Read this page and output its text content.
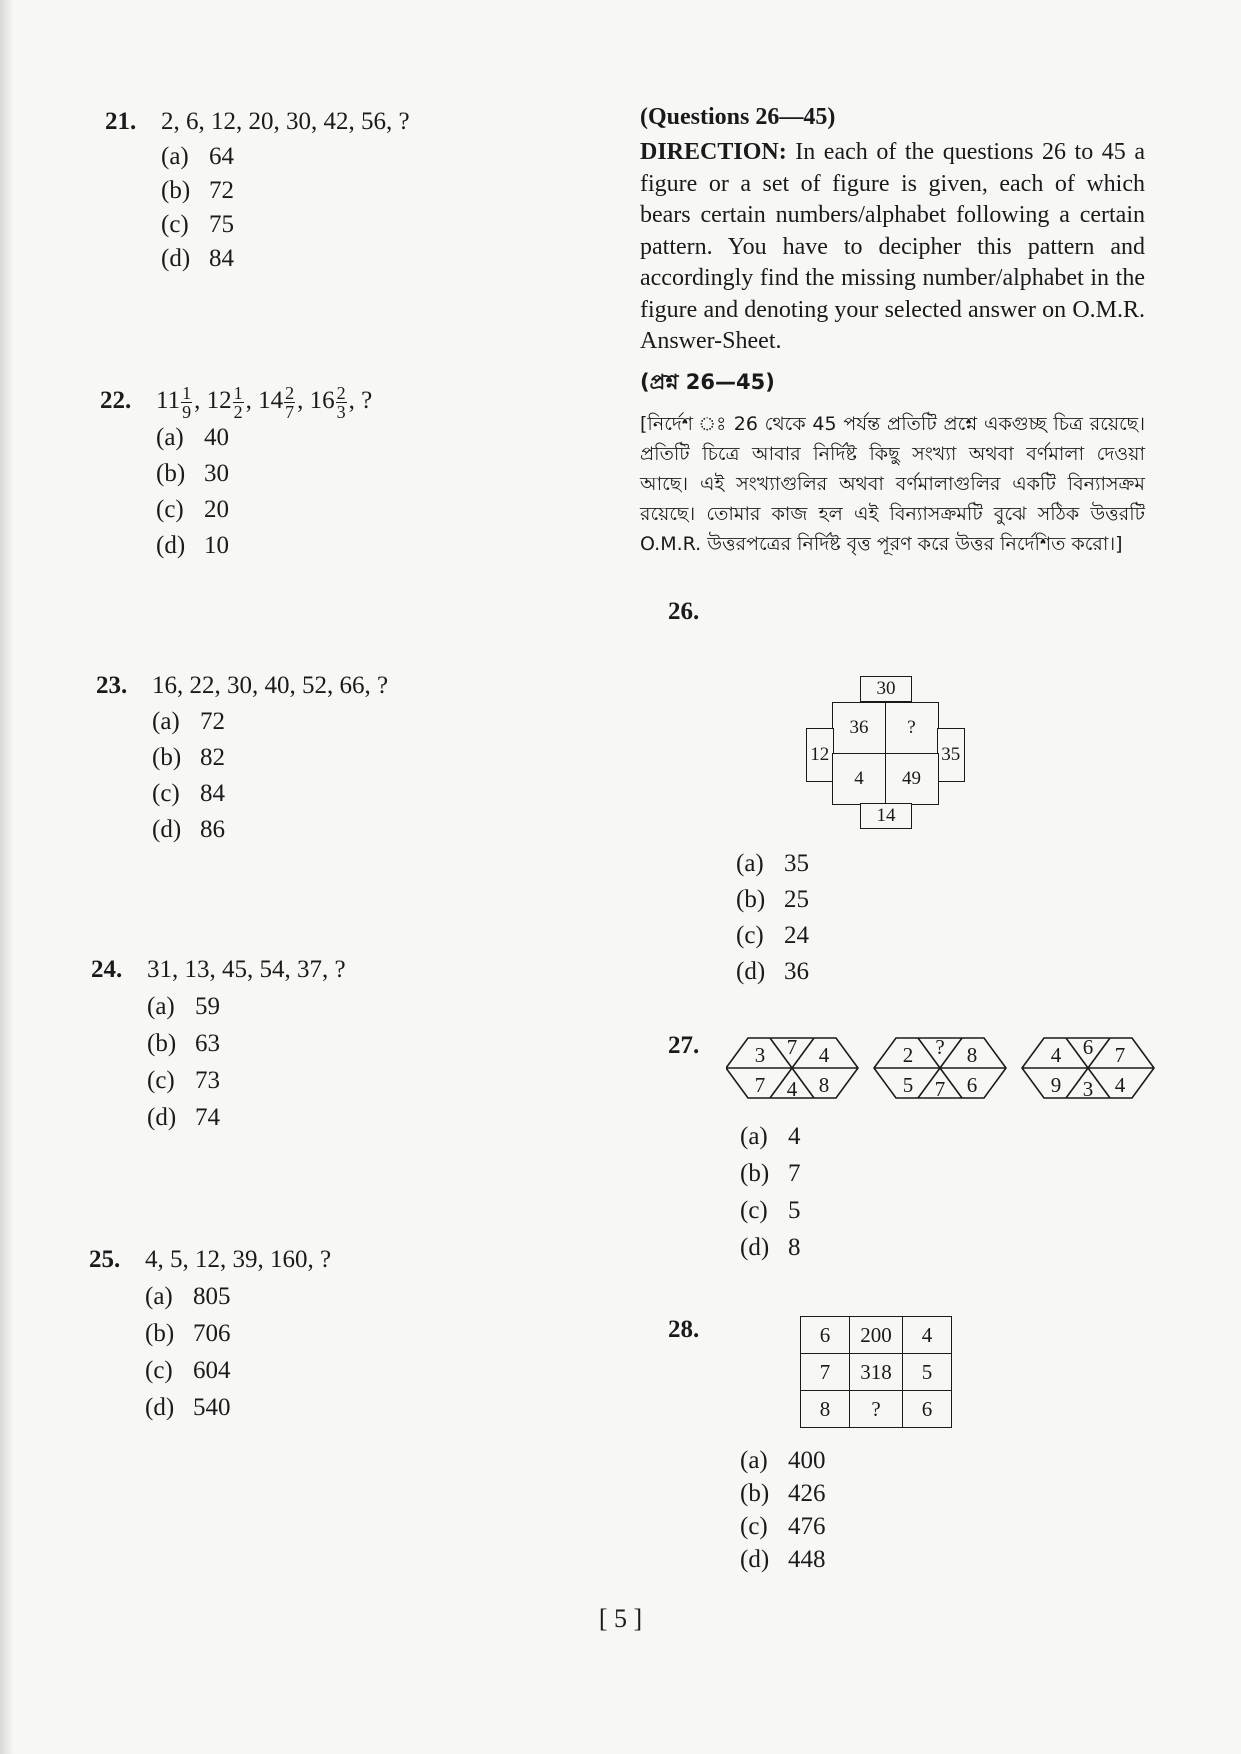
21. 2, 6, 12, 20, 30, 42, 56, ?
(a) 64
(b) 72
(c) 75
(d) 84
22. $11 \frac{1}{9}$ , $12 \frac{1}{2}$ , $14 \frac{2}{7}$ , $16 \frac{2}{3}$ , ?
(a) 40
(b) 30
(c) 20
(d) 10
23. 16, 22, 30, 40, 52, 66, ?
(a) 72
(b) 82
(c) 84
(d) 86
24. 31, 13, 45, 54, 37, ?
(a) 59
(b) 63
(c) 73
(d) 74
25. 4, 5, 12, 39, 160, ?
(a) 805
(b) 706
(c) 604
(d) 540
(Questions 26—45)
DIRECTION: In each of the questions 26 to 45 a figure or a set of figure is given, each of which bears certain numbers/alphabet following a certain pattern. You have to decipher this pattern and accordingly find the missing number/alphabet in the figure and denoting your selected answer on O.M.R. Answer-Sheet.
(প্রশ্ন 26—45)
[নির্দেশ ঃ 26 থেকে 45 পর্যন্ত প্রতিটি প্রশ্নে একগুচ্ছ চিত্র রয়েছে। প্রতিটি চিত্রে আবার নির্দিষ্ট কিছু সংখ্যা অথবা বর্ণমালা দেওয়া আছে। এই সংখ্যাগুলির অথবা বর্ণমালাগুলির একটি বিন্যাসক্রম রয়েছে। তোমার কাজ হল এই বিন্যাসক্রমটি বুঝে সঠিক উত্তরটি O.M.R. উত্তরপত্রের নির্দিষ্ট বৃত্ত পূরণ করে উত্তর নির্দেশিত করো।]
26.
30
36	?
12	35
4	49
14
(a) 35
(b) 25
(c) 24
(d) 36
27.	3 7 4
7 4 8
2 ? 8
5 7 6
4 6 7
9 3 4
(a) 4
(b) 7
(c) 5
(d) 8
28.	6	200	4
7	318	5
8	?	6
(a) 400
(b) 426
(c) 476
(d) 448
[ 5 ]
